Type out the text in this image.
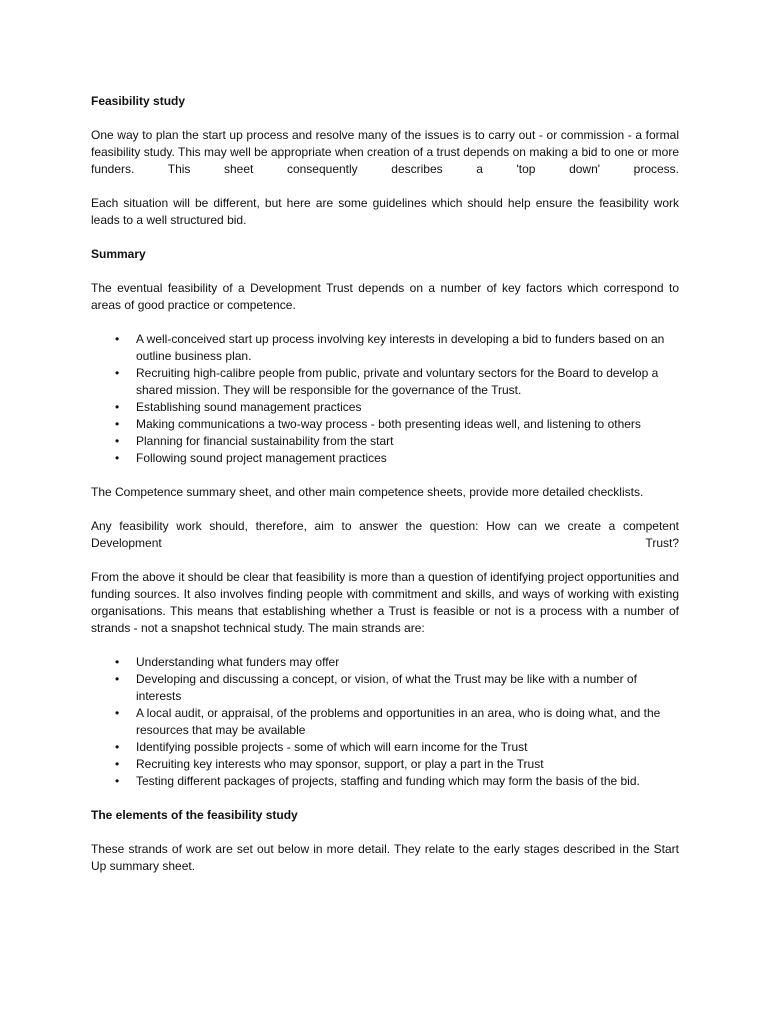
Feasibility study

One way to plan the start up process and resolve many of the issues is to carry out - or commission - a formal feasibility study. This may well be appropriate when creation of a trust depends on making a bid to one or more funders. This sheet consequently describes a 'top down' process.

Each situation will be different, but here are some guidelines which should help ensure the feasibility work leads to a well structured bid.

Summary

The eventual feasibility of a Development Trust depends on a number of key factors which correspond to areas of good practice or competence.

• A well-conceived start up process involving key interests in developing a bid to funders based on an outline business plan.
• Recruiting high-calibre people from public, private and voluntary sectors for the Board to develop a shared mission. They will be responsible for the governance of the Trust.
• Establishing sound management practices
• Making communications a two-way process - both presenting ideas well, and listening to others
• Planning for financial sustainability from the start
• Following sound project management practices

The Competence summary sheet, and other main competence sheets, provide more detailed checklists.

Any feasibility work should, therefore, aim to answer the question: How can we create a competent Development Trust?

From the above it should be clear that feasibility is more than a question of identifying project opportunities and funding sources. It also involves finding people with commitment and skills, and ways of working with existing organisations. This means that establishing whether a Trust is feasible or not is a process with a number of strands - not a snapshot technical study. The main strands are:

• Understanding what funders may offer
• Developing and discussing a concept, or vision, of what the Trust may be like with a number of interests
• A local audit, or appraisal, of the problems and opportunities in an area, who is doing what, and the resources that may be available
• Identifying possible projects - some of which will earn income for the Trust
• Recruiting key interests who may sponsor, support, or play a part in the Trust
• Testing different packages of projects, staffing and funding which may form the basis of the bid.
The elements of the feasibility study

These strands of work are set out below in more detail. They relate to the early stages described in the Start Up summary sheet.
